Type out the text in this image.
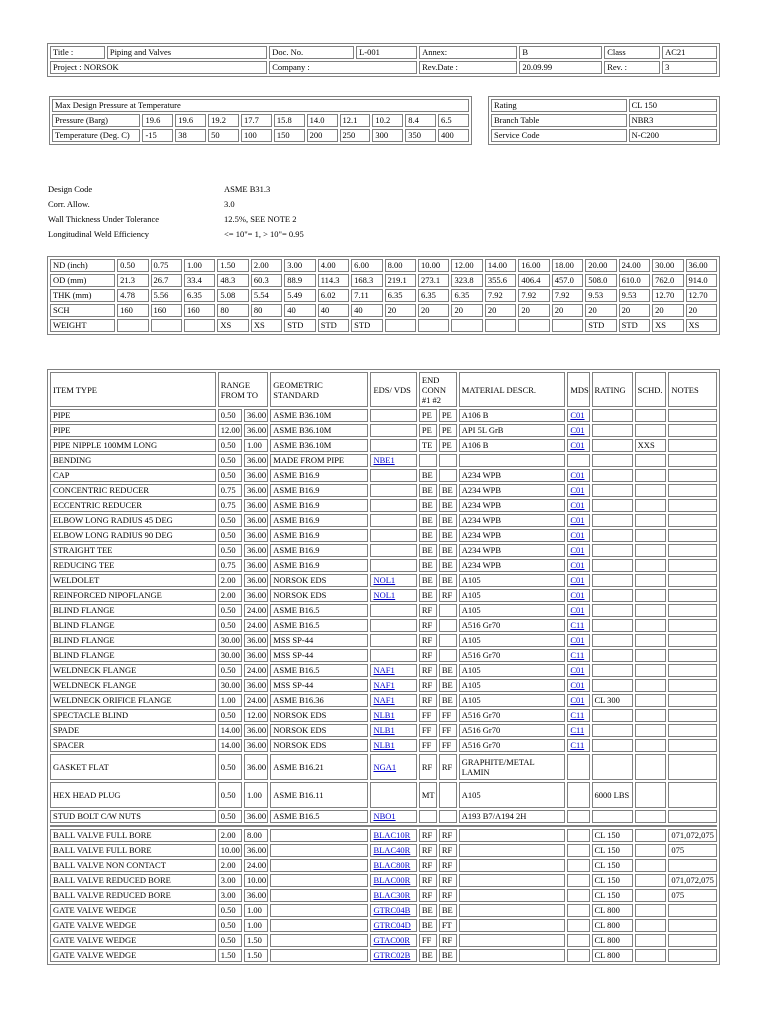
Title :	Piping and Valves	Doc. No.	L-001	Annex:	B	Class	AC21
Project : NORSOK		Company :		Rev.Date :	20.09.99	Rev. :	3
Max Design Pressure at Temperature										
Pressure (Barg)	19.6	19.6	19.2	17.7	15.8	14.0	12.1	10.2	8.4	6.5
Temperature (Deg. C)	-15	38	50	100	150	200	250	300	350	400
Rating	CL 150
Branch Table	NBR3
Service Code	N-C200
Design Code	ASME B31.3
Corr. Allow.	3.0
Wall Thickness Under Tolerance	12.5%, SEE NOTE 2
Longitudinal Weld Efficiency	<= 10"= 1, > 10"= 0.95
ND (inch)	0.50	0.75	1.00	1.50	2.00	3.00	4.00	6.00	8.00	10.00	12.00	14.00	16.00	18.00	20.00	24.00	30.00	36.00
OD (mm)	21.3	26.7	33.4	48.3	60.3	88.9	114.3	168.3	219.1	273.1	323.8	355.6	406.4	457.0	508.0	610.0	762.0	914.0
THK (mm)	4.78	5.56	6.35	5.08	5.54	5.49	6.02	7.11	6.35	6.35	6.35	7.92	7.92	7.92	9.53	9.53	12.70	12.70
SCH	160	160	160	80	80	40	40	40	20	20	20	20	20	20	20	20	20	20
WEIGHT				XS	XS	STD	STD	STD							STD	STD	XS	XS
ITEM TYPE	RANGE FROM TO		GEOMETRIC STANDARD	EDS/ VDS	END CONN #1 #2		MATERIAL DESCR.	MDS	RATING	SCHD.	NOTES
PIPE	0.50	36.00	ASME B36.10M		PE	PE	A106 B	C01			
PIPE	12.00	36.00	ASME B36.10M		PE	PE	API 5L GrB	C01			
PIPE NIPPLE 100MM LONG	0.50	1.00	ASME B36.10M		TE	PE	A106 B	C01		XXS	
BENDING	0.50	36.00	MADE FROM PIPE	NBE1							
CAP	0.50	36.00	ASME B16.9		BE		A234 WPB	C01			
CONCENTRIC REDUCER	0.75	36.00	ASME B16.9		BE	BE	A234 WPB	C01			
ECCENTRIC REDUCER	0.75	36.00	ASME B16.9		BE	BE	A234 WPB	C01			
ELBOW LONG RADIUS 45 DEG	0.50	36.00	ASME B16.9		BE	BE	A234 WPB	C01			
ELBOW LONG RADIUS 90 DEG	0.50	36.00	ASME B16.9		BE	BE	A234 WPB	C01			
STRAIGHT TEE	0.50	36.00	ASME B16.9		BE	BE	A234 WPB	C01			
REDUCING TEE	0.75	36.00	ASME B16.9		BE	BE	A234 WPB	C01			
WELDOLET	2.00	36.00	NORSOK EDS	NOL1	BE	BE	A105	C01			
REINFORCED NIPOFLANGE	2.00	36.00	NORSOK EDS	NOL1	BE	RF	A105	C01			
BLIND FLANGE	0.50	24.00	ASME B16.5		RF		A105	C01			
BLIND FLANGE	0.50	24.00	ASME B16.5		RF		A516 Gr70	C11			
BLIND FLANGE	30.00	36.00	MSS SP-44		RF		A105	C01			
BLIND FLANGE	30.00	36.00	MSS SP-44		RF		A516 Gr70	C11			
WELDNECK FLANGE	0.50	24.00	ASME B16.5	NAF1	RF	BE	A105	C01			
WELDNECK FLANGE	30.00	36.00	MSS SP-44	NAF1	RF	BE	A105	C01			
WELDNECK ORIFICE FLANGE	1.00	24.00	ASME B16.36	NAF1	RF	BE	A105	C01	CL 300		
SPECTACLE BLIND	0.50	12.00	NORSOK EDS	NLB1	FF	FF	A516 Gr70	C11			
SPADE	14.00	36.00	NORSOK EDS	NLB1	FF	FF	A516 Gr70	C11			
SPACER	14.00	36.00	NORSOK EDS	NLB1	FF	FF	A516 Gr70	C11			
GASKET FLAT	0.50	36.00	ASME B16.21	NGA1	RF	RF	GRAPHITE/METAL LAMIN				
HEX HEAD PLUG	0.50	1.00	ASME B16.11		MT		A105		6000 LBS		
STUD BOLT C/W NUTS	0.50	36.00	ASME B16.5	NBO1			A193 B7/A194 2H				

BALL VALVE FULL BORE	2.00	8.00		BLAC10R	RF	RF			CL 150		071,072,075
BALL VALVE FULL BORE	10.00	36.00		BLAC40R	RF	RF			CL 150		075
BALL VALVE NON CONTACT	2.00	24.00		BLAC80R	RF	RF			CL 150		
BALL VALVE REDUCED BORE	3.00	10.00		BLAC00R	RF	RF			CL 150		071,072,075
BALL VALVE REDUCED BORE	3.00	36.00		BLAC30R	RF	RF			CL 150		075
GATE VALVE WEDGE	0.50	1.00		GTRC04B	BE	BE			CL 800		
GATE VALVE WEDGE	0.50	1.00		GTRC04D	BE	FT			CL 800		
GATE VALVE WEDGE	0.50	1.50		GTAC00R	FF	RF			CL 800		
GATE VALVE WEDGE	1.50	1.50		GTRC02B	BE	BE			CL 800		
